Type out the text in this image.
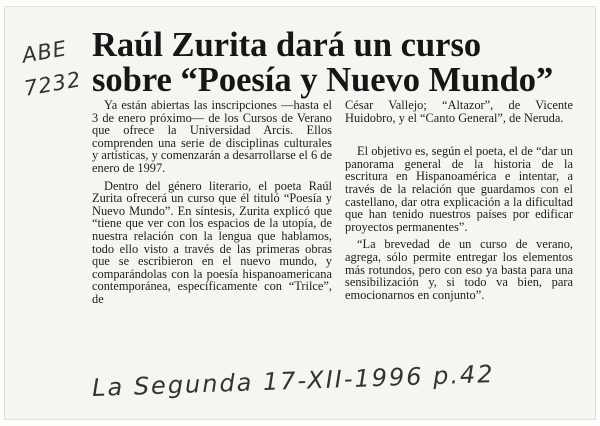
ABE
7232
Raúl Zurita dará un curso
sobre “Poesía y Nuevo Mundo”

Ya están abiertas las inscripciones —hasta el 3 de enero próximo— de los Cursos de Verano que ofrece la Universidad Arcis. Ellos comprenden una serie de disciplinas culturales y artísticas, y comenzarán a desarrollarse el 6 de enero de 1997.

Dentro del género literario, el poeta Raúl Zurita ofrecerá un curso que él tituló “Poesía y Nuevo Mundo”. En síntesis, Zurita explicó que “tiene que ver con los espacios de la utopía, de nuestra relación con la lengua que hablamos, todo ello visto a través de las primeras obras que se escribieron en el nuevo mundo, y comparándolas con la poesía hispanoamericana contemporánea, específicamente con “Trilce”, de

César Vallejo; “Altazor”, de Vicente Huidobro, y el “Canto General”, de Neruda.

El objetivo es, según el poeta, el de “dar un panorama general de la historia de la escritura en Hispanoamérica e intentar, a través de la relación que guardamos con el castellano, dar otra explicación a la dificultad que han tenido nuestros países por edificar proyectos permanentes”.

“La brevedad de un curso de verano, agrega, sólo permite entregar los elementos más rotundos, pero con eso ya basta para una sensibilización y, si todo va bien, para emocionarnos en conjunto”.

La Segunda 17-XII-1996 p.42
